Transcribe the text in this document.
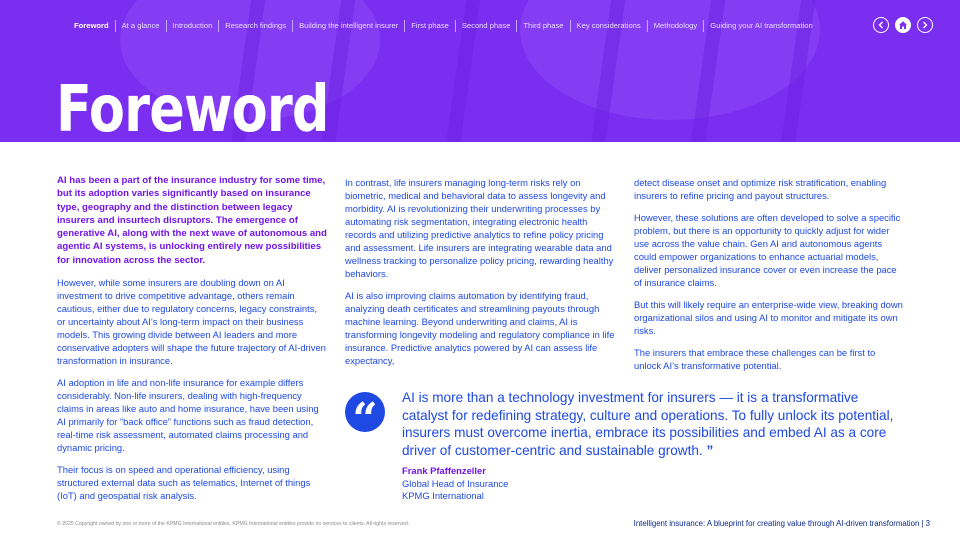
Foreword	At a glance	Introduction	Research findings	Building the intelligent insurer	First phase	Second phase	Third phase	Key considerations	Methodology	Guiding your AI transformation
Foreword

AI has been a part of the insurance industry for some time, but its adoption varies significantly based on insurance type, geography and the distinction between legacy insurers and insurtech disruptors. The emergence of generative AI, along with the next wave of autonomous and agentic AI systems, is unlocking entirely new possibilities for innovation across the sector.

However, while some insurers are doubling down on AI investment to drive competitive advantage, others remain cautious, either due to regulatory concerns, legacy constraints, or uncertainty about AI’s long-term impact on their business models. This growing divide between AI leaders and more conservative adopters will shape the future trajectory of AI-driven transformation in insurance.

AI adoption in life and non-life insurance for example differs considerably. Non-life insurers, dealing with high-frequency claims in areas like auto and home insurance, have been using AI primarily for “back office” functions such as fraud detection, real-time risk assessment, automated claims processing and dynamic pricing.

Their focus is on speed and operational efficiency, using structured external data such as telematics, Internet of things (IoT) and geospatial risk analysis.

In contrast, life insurers managing long-term risks rely on biometric, medical and behavioral data to assess longevity and morbidity. AI is revolutionizing their underwriting processes by automating risk segmentation, integrating electronic health records and utilizing predictive analytics to refine policy pricing and assessment. Life insurers are integrating wearable data and wellness tracking to personalize policy pricing, rewarding healthy behaviors.

AI is also improving claims automation by identifying fraud, analyzing death certificates and streamlining payouts through machine learning. Beyond underwriting and claims, AI is transforming longevity modeling and regulatory compliance in life insurance. Predictive analytics powered by AI can assess life expectancy,

detect disease onset and optimize risk stratification, enabling insurers to refine pricing and payout structures.

However, these solutions are often developed to solve a specific problem, but there is an opportunity to quickly adjust for wider use across the value chain. Gen AI and autonomous agents could empower organizations to enhance actuarial models, deliver personalized insurance cover or even increase the pace of insurance claims.

But this will likely require an enterprise-wide view, breaking down organizational silos and using AI to monitor and mitigate its own risks.

The insurers that embrace these challenges can be first to unlock AI’s transformative potential.

“	AI is more than a technology investment for insurers — it is a transformative catalyst for redefining strategy, culture and operations. To fully unlock its potential, insurers must overcome inertia, embrace its possibilities and embed AI as a core driver of customer-centric and sustainable growth. ”
Frank Pfaffenzeller
Global Head of Insurance
KPMG International
© 2025 Copyright owned by one or more of the KPMG International entities. KPMG International entities provide no services to clients. All rights reserved.	Intelligent insurance: A blueprint for creating value through AI-driven transformation | 3
